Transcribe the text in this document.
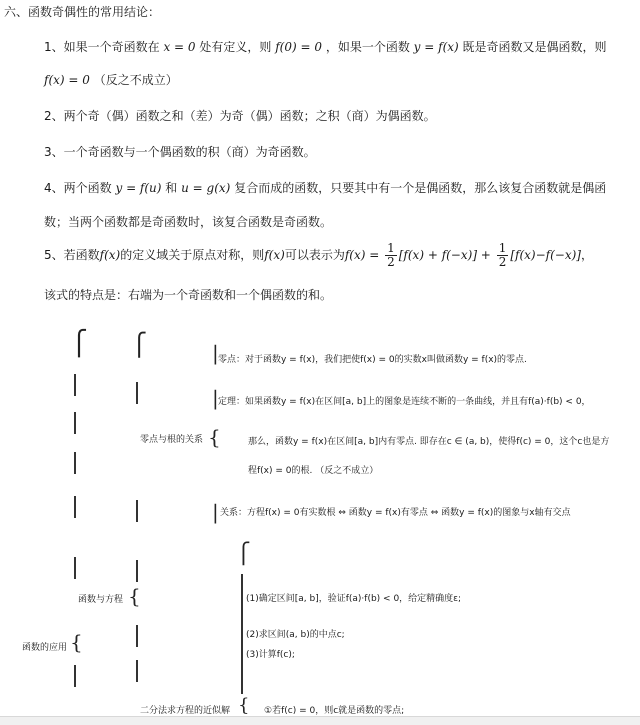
六、函数奇偶性的常用结论：
1、如果一个奇函数在 x = 0 处有定义，则 f(0) = 0 ，如果一个函数 y = f(x) 既是奇函数又是偶函数，则
f(x) = 0 （反之不成立）
2、两个奇（偶）函数之和（差）为奇（偶）函数；之积（商）为偶函数。
3、一个奇函数与一个偶函数的积（商）为奇函数。
4、两个函数 y = f(u) 和 u = g(x) 复合而成的函数，只要其中有一个是偶函数，那么该复合函数就是偶函
数；当两个函数都是奇函数时，该复合函数是奇函数。
5、若函数f(x)的定义域关于原点对称，则f(x)可以表示为$f(x) = \frac{1}{2} [f(x) + f(-x)] + \frac{1}{2} [f(x)-f(-x)]$，
该式的特点是：右端为一个奇函数和一个偶函数的和。
⎧
函数的应用 {
⎧
零点与根的关系 {
函数与方程 {
| 零点：对于函数y = f(x)，我们把使f(x) = 0的实数x叫做函数y = f(x)的零点.
| 定理：如果函数y = f(x)在区间[a, b]上的图象是连续不断的一条曲线，并且有f(a)·f(b) < 0，
那么，函数y = f(x)在区间[a, b]内有零点. 即存在c ∈ (a, b)，使得f(c) = 0，这个c也是方
程f(x) = 0的根. （反之不成立）
| 关系：方程f(x) = 0有实数根 ⇔ 函数y = f(x)有零点 ⇔ 函数y = f(x)的图象与x轴有交点
⎧
(1)确定区间[a, b]，验证f(a)·f(b) < 0，给定精确度ε;
(2)求区间(a, b)的中点c;
(3)计算f(c);
二分法求方程的近似解 { ①若f(c) = 0，则c就是函数的零点;
